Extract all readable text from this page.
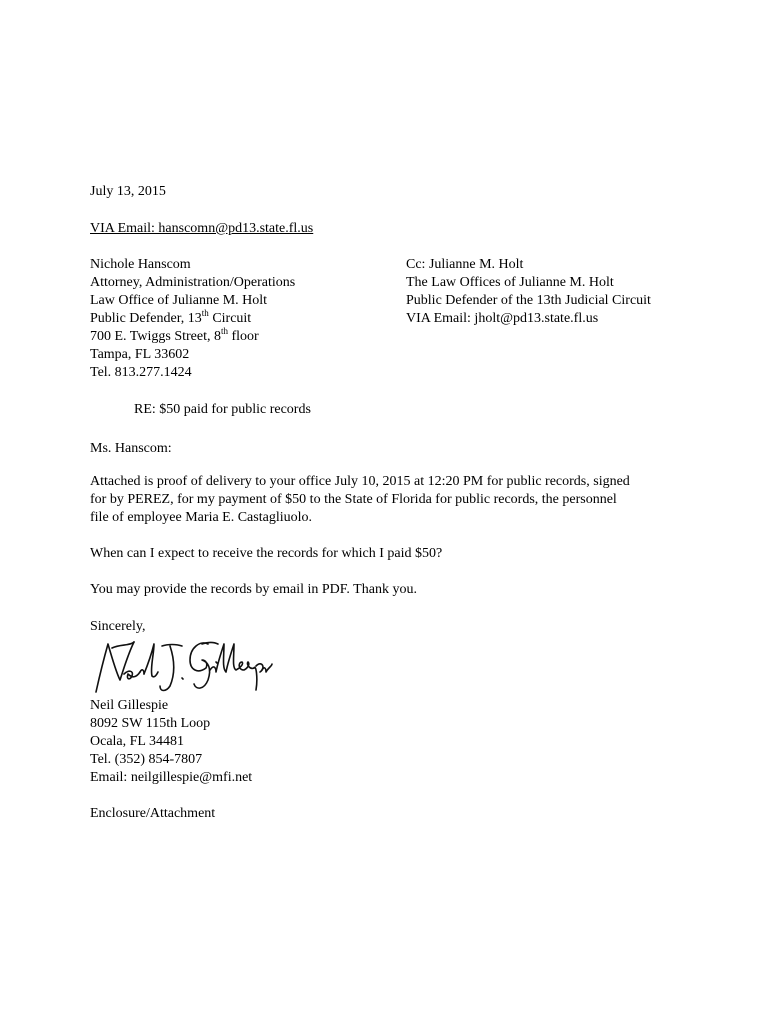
July 13, 2015
VIA Email: hanscomn@pd13.state.fl.us
Nichole Hanscom
Attorney, Administration/Operations
Law Office of Julianne M. Holt
Public Defender, 13th Circuit
700 E. Twiggs Street, 8th floor
Tampa, FL 33602
Tel. 813.277.1424
Cc: Julianne M. Holt
The Law Offices of Julianne M. Holt
Public Defender of the 13th Judicial Circuit
VIA Email: jholt@pd13.state.fl.us
RE: $50 paid for public records
Ms. Hanscom:
Attached is proof of delivery to your office July 10, 2015 at 12:20 PM for public records, signed
for by PEREZ, for my payment of $50 to the State of Florida for public records, the personnel
file of employee Maria E. Castagliuolo.
When can I expect to receive the records for which I paid $50?
You may provide the records by email in PDF. Thank you.
Sincerely,
Neil Gillespie
8092 SW 115th Loop
Ocala, FL 34481
Tel. (352) 854-7807
Email: neilgillespie@mfi.net
Enclosure/Attachment
